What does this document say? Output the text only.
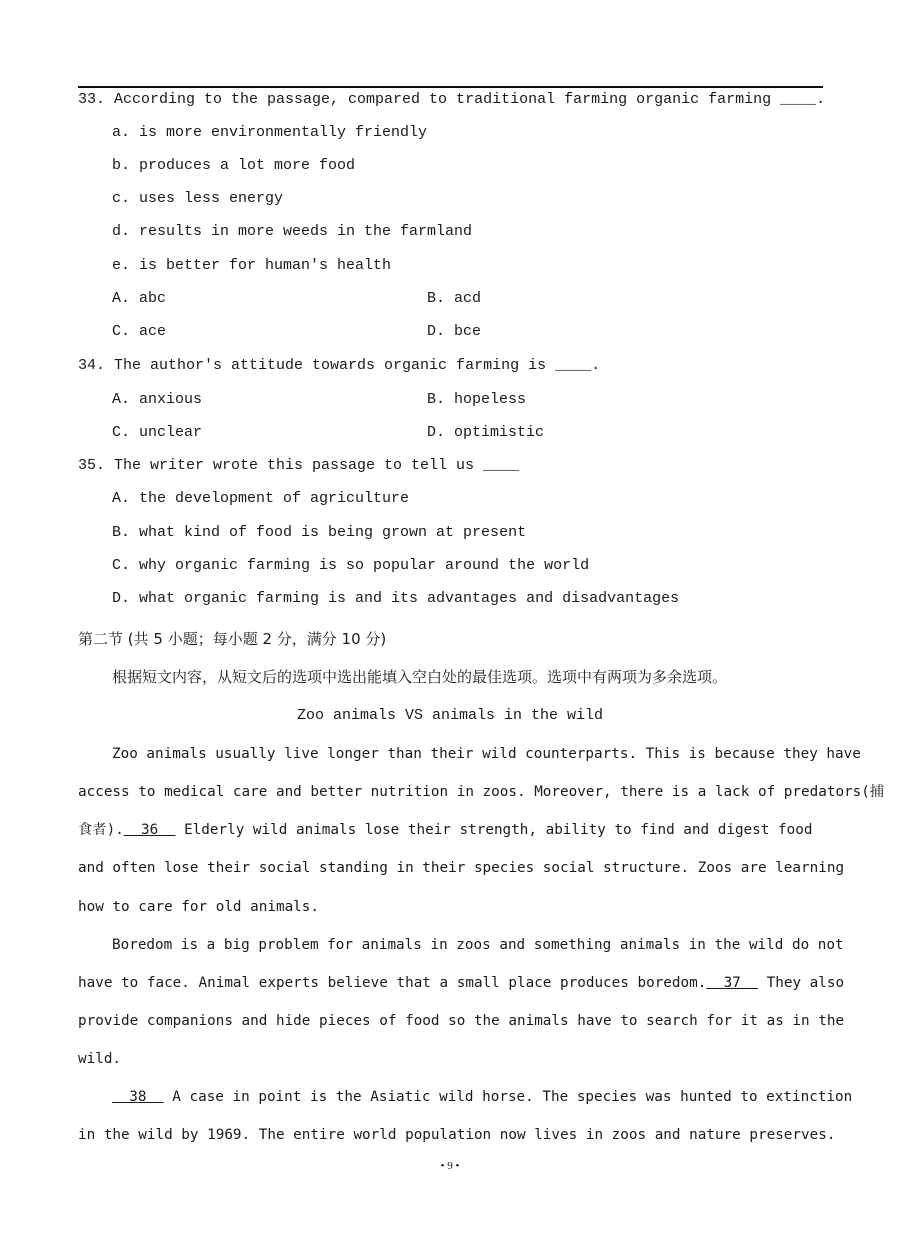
33. According to the passage, compared to traditional farming organic farming ____.
a. is more environmentally friendly
b. produces a lot more food
c. uses less energy
d. results in more weeds in the farmland
e. is better for human's health
A. abc	B. acd
C. ace	D. bce
34. The author's attitude towards organic farming is ____.
A. anxious	B. hopeless
C. unclear	D. optimistic
35. The writer wrote this passage to tell us ____
A. the development of agriculture
B. what kind of food is being grown at present
C. why organic farming is so popular around the world
D. what organic farming is and its advantages and disadvantages
第二节 (共 5 小题；每小题 2 分，满分 10 分)
根据短文内容，从短文后的选项中选出能填入空白处的最佳选项。选项中有两项为多余选项。
Zoo animals VS animals in the wild
Zoo animals usually live longer than their wild counterparts. This is because they have
access to medical care and better nutrition in zoos. Moreover, there is a lack of predators(捕
食者).  36   Elderly wild animals lose their strength, ability to find and digest food
and often lose their social standing in their species social structure. Zoos are learning
how to care for old animals.
Boredom is a big problem for animals in zoos and something animals in the wild do not
have to face. Animal experts believe that a small place produces boredom.  37   They also
provide companions and hide pieces of food so the animals have to search for it as in the
wild.
38   A case in point is the Asiatic wild horse. The species was hunted to extinction
in the wild by 1969. The entire world population now lives in zoos and nature preserves.
• 9 •
